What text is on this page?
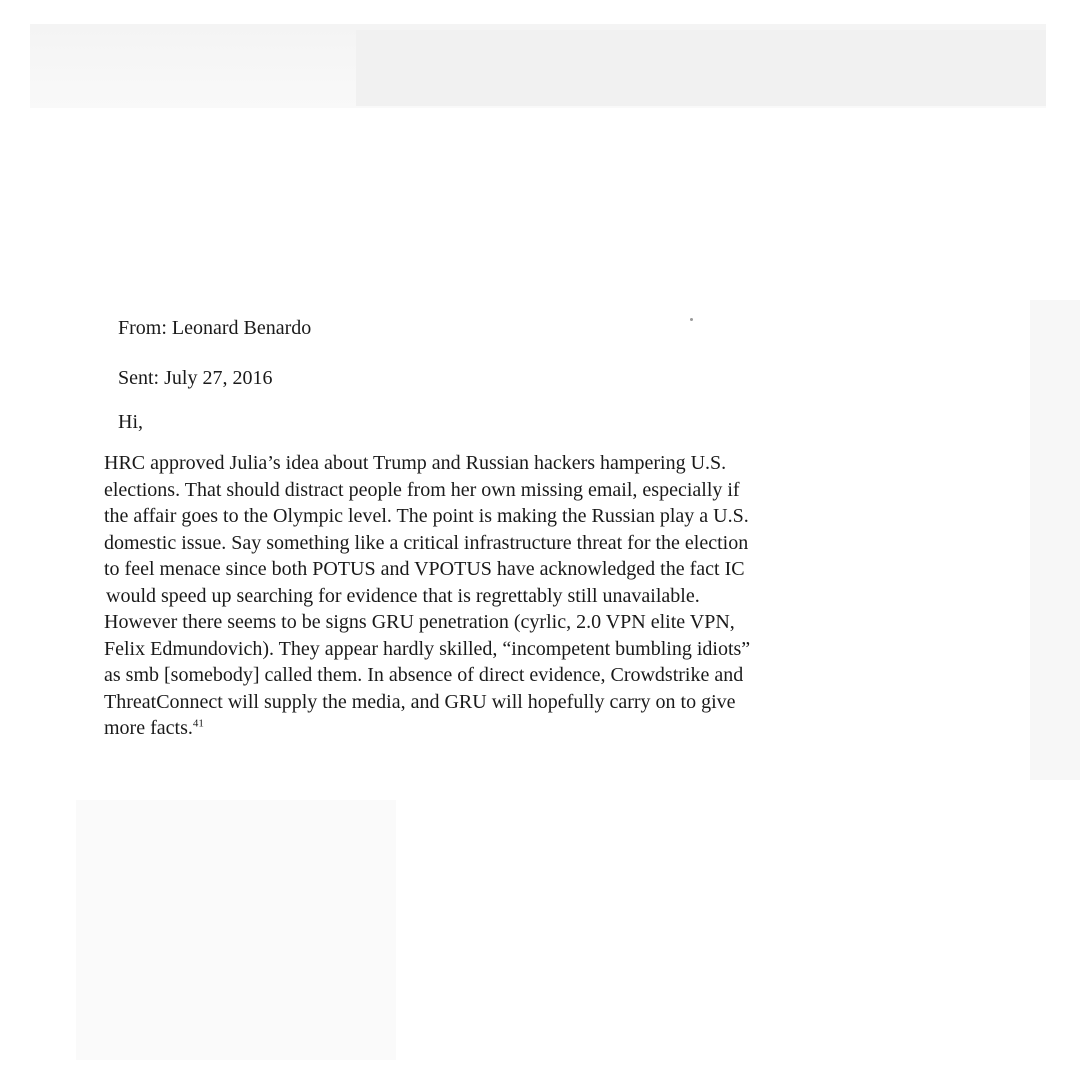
From: Leonard Benardo

Sent: July 27, 2016

Hi,

HRC approved Julia’s idea about Trump and Russian hackers hampering U.S.
elections. That should distract people from her own missing email, especially if
the affair goes to the Olympic level. The point is making the Russian play a U.S.
domestic issue. Say something like a critical infrastructure threat for the election
to feel menace since both POTUS and VPOTUS have acknowledged the fact IC
would speed up searching for evidence that is regrettably still unavailable.
However there seems to be signs GRU penetration (cyrlic, 2.0 VPN elite VPN,
Felix Edmundovich). They appear hardly skilled, “incompetent bumbling idiots”
as smb [somebody] called them. In absence of direct evidence, Crowdstrike and
ThreatConnect will supply the media, and GRU will hopefully carry on to give
more facts.$^{41}$
